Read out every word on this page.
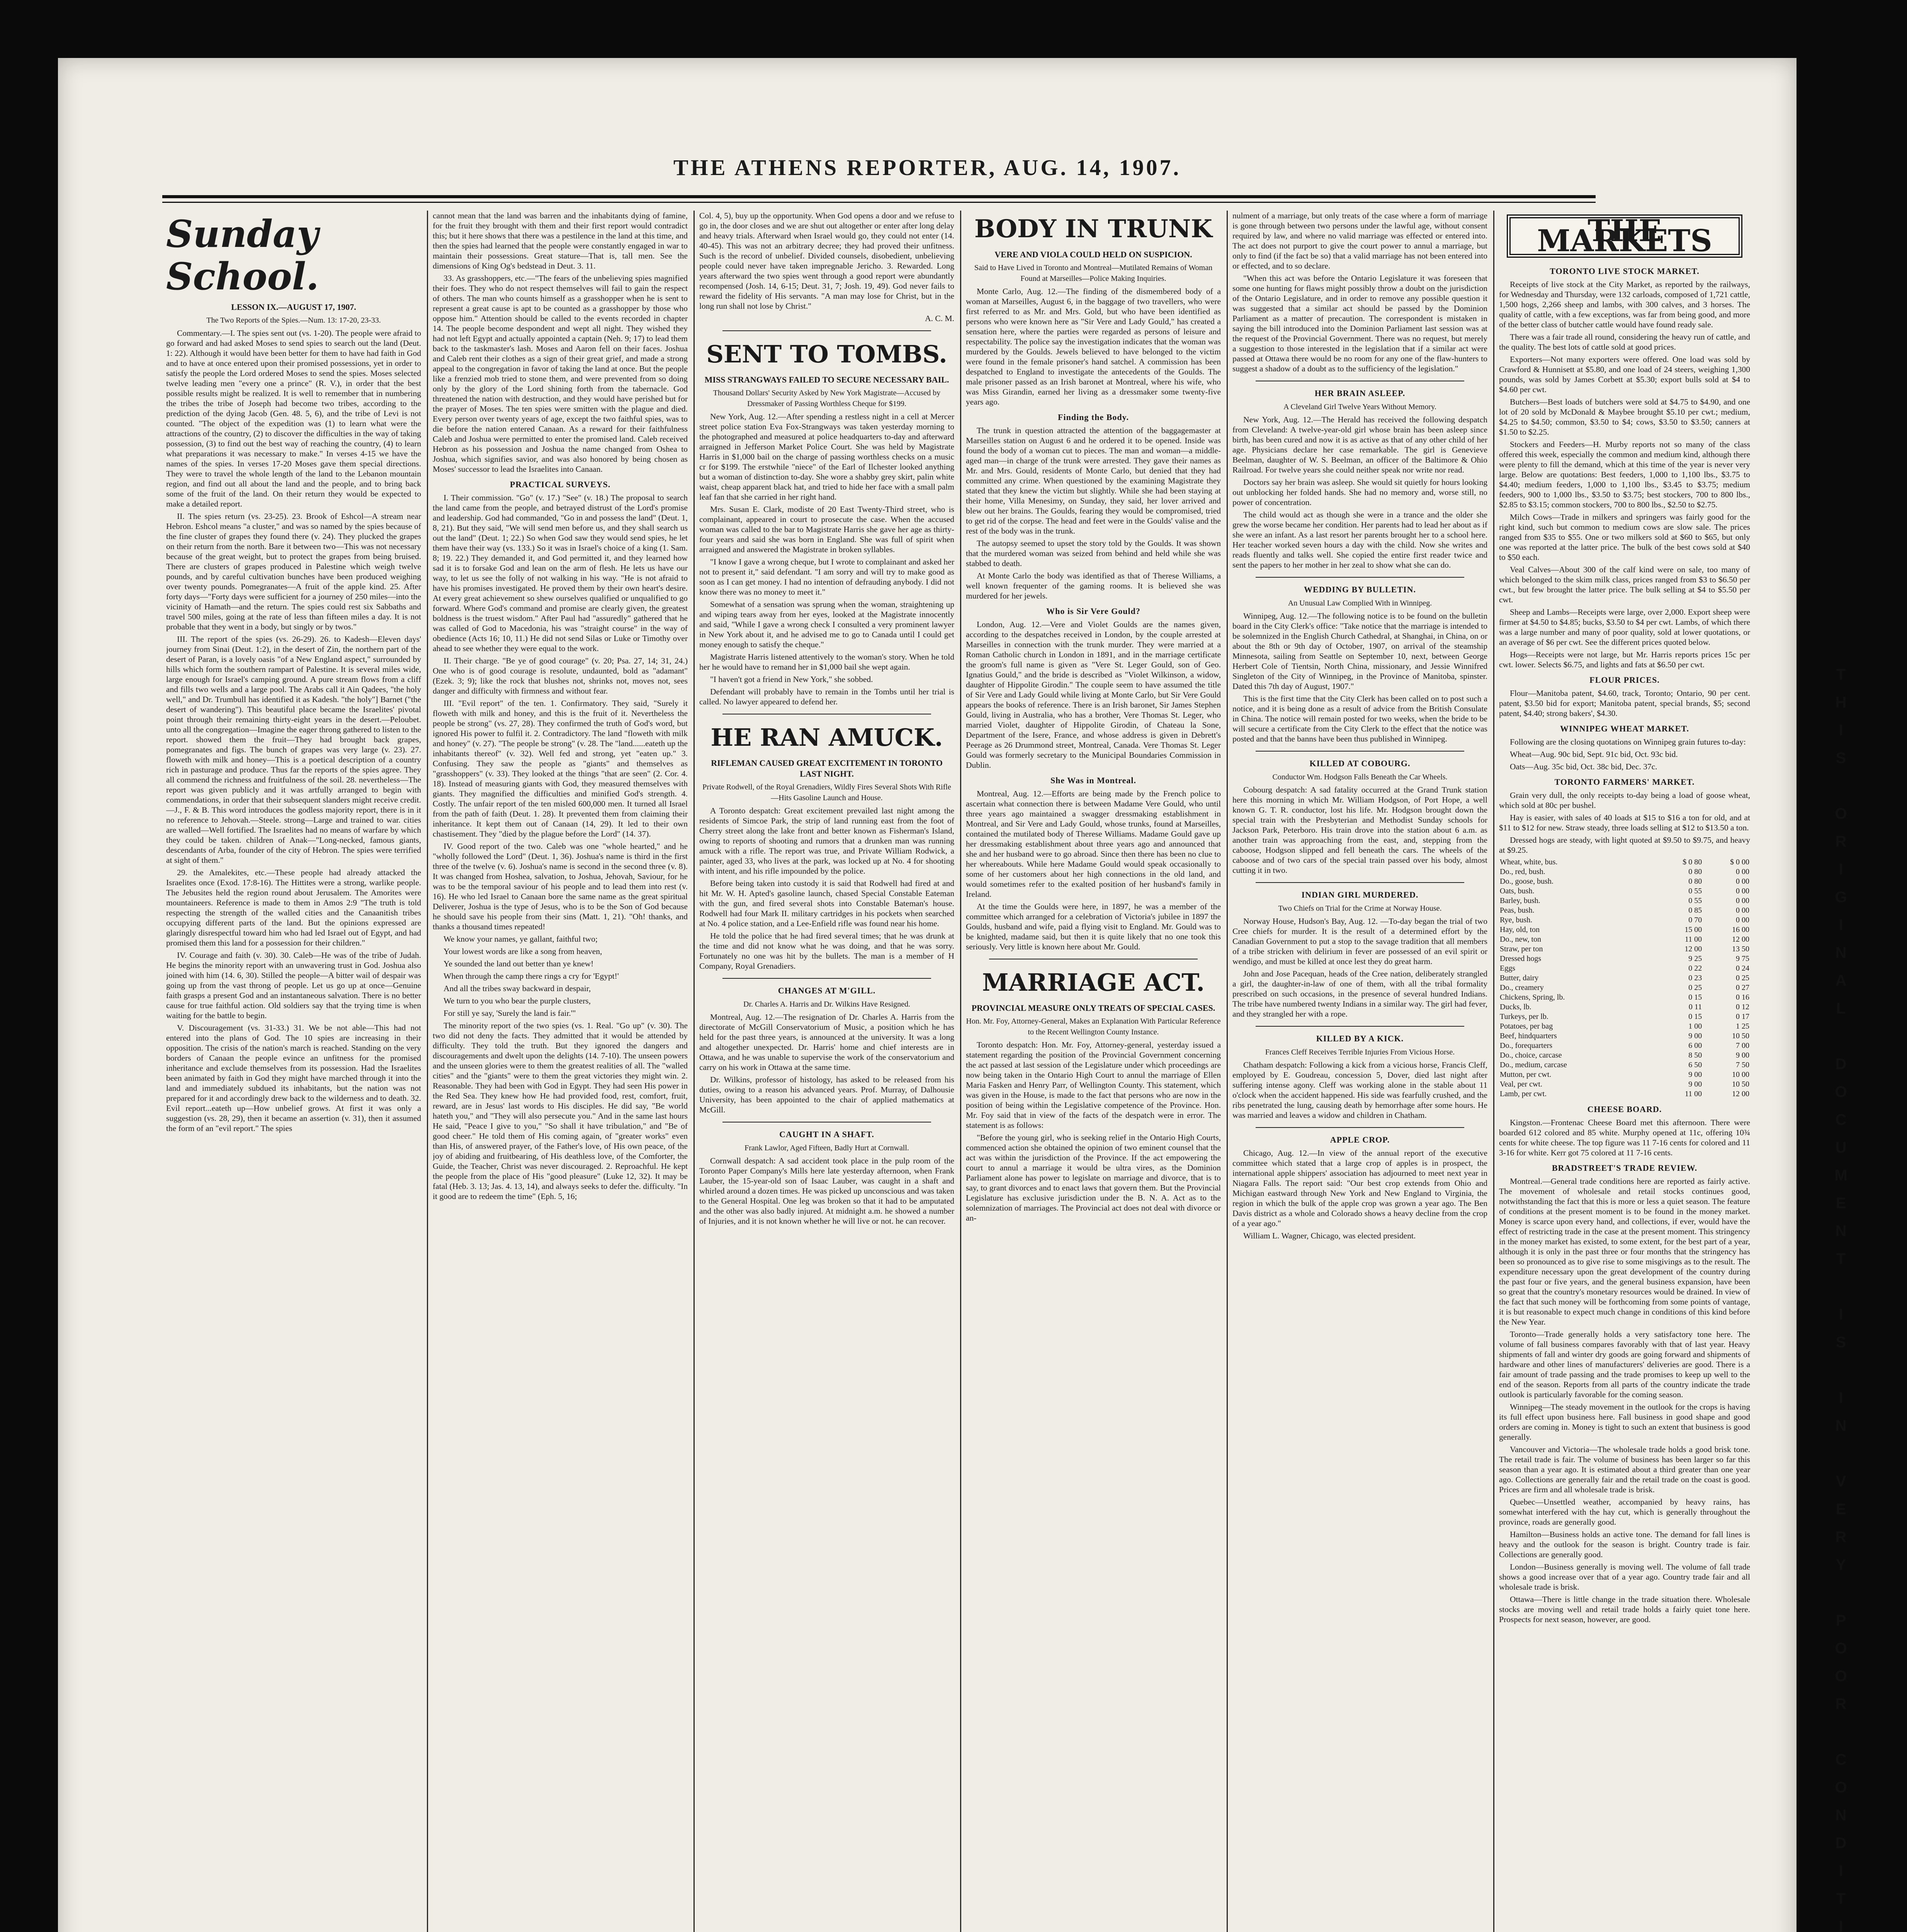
THE ATHENS REPORTER, AUG. 14, 1907.
Sunday School.
LESSON IX.—AUGUST 17, 1907.
The Two Reports of the Spies.—Num. 13: 17-20, 23-33.

Commentary.—I. The spies sent out (vs. 1-20). The people were afraid to go forward and had asked Moses to send spies to search out the land (Deut. 1: 22). Although it would have been better for them to have had faith in God and to have at once entered upon their promised possessions, yet in order to satisfy the people the Lord ordered Moses to send the spies. Moses selected twelve leading men "every one a prince" (R. V.), in order that the best possible results might be realized. It is well to remember that in numbering the tribes the tribe of Joseph had become two tribes, according to the prediction of the dying Jacob (Gen. 48. 5, 6), and the tribe of Levi is not counted. "The object of the expedition was (1) to learn what were the attractions of the country, (2) to discover the difficulties in the way of taking possession, (3) to find out the best way of reaching the country, (4) to learn what preparations it was necessary to make." In verses 4-15 we have the names of the spies. In verses 17-20 Moses gave them special directions. They were to travel the whole length of the land to the Lebanon mountain region, and find out all about the land and the people, and to bring back some of the fruit of the land. On their return they would be expected to make a detailed report.

II. The spies return (vs. 23-25). 23. Brook of Eshcol—A stream near Hebron. Eshcol means "a cluster," and was so named by the spies because of the fine cluster of grapes they found there (v. 24). They plucked the grapes on their return from the north. Bare it between two—This was not necessary because of the great weight, but to protect the grapes from being bruised. There are clusters of grapes produced in Palestine which weigh twelve pounds, and by careful cultivation bunches have been produced weighing over twenty pounds. Pomegranates—A fruit of the apple kind. 25. After forty days—"Forty days were sufficient for a journey of 250 miles—into the vicinity of Hamath—and the return. The spies could rest six Sabbaths and travel 500 miles, going at the rate of less than fifteen miles a day. It is not probable that they went in a body, but singly or by twos."

III. The report of the spies (vs. 26-29). 26. to Kadesh—Eleven days' journey from Sinai (Deut. 1:2), in the desert of Zin, the northern part of the desert of Paran, is a lovely oasis "of a New England aspect," surrounded by hills which form the southern rampart of Palestine. It is several miles wide, large enough for Israel's camping ground. A pure stream flows from a cliff and fills two wells and a large pool. The Arabs call it Ain Qadees, "the holy well," and Dr. Trumbull has identified it as Kadesh. "the holy"] Barnet ("the desert of wandering"). This beautiful place became the Israelites' pivotal point through their remaining thirty-eight years in the desert.—Peloubet. unto all the congregation—Imagine the eager throng gathered to listen to the report. showed them the fruit—They had brought back grapes, pomegranates and figs. The bunch of grapes was very large (v. 23). 27. floweth with milk and honey—This is a poetical description of a country rich in pasturage and produce. Thus far the reports of the spies agree. They all commend the richness and fruitfulness of the soil. 28. nevertheless—The report was given publicly and it was artfully arranged to begin with commendations, in order that their subsequent slanders might receive credit.—J., F. & B. This word introduces the godless majority report, there is in it no reference to Jehovah.—Steele. strong—Large and trained to war. cities are walled—Well fortified. The Israelites had no means of warfare by which they could be taken. children of Anak—"Long-necked, famous giants, descendants of Arba, founder of the city of Hebron. The spies were terrified at sight of them."

29. the Amalekites, etc.—These people had already attacked the Israelites once (Exod. 17:8-16). The Hittites were a strong, warlike people. The Jebusites held the region round about Jerusalem. The Amorites were mountaineers. Reference is made to them in Amos 2:9 "The truth is told respecting the strength of the walled cities and the Canaanitish tribes occupying different parts of the land. But the opinions expressed are glaringly disrespectful toward him who had led Israel out of Egypt, and had promised them this land for a possession for their children."

IV. Courage and faith (v. 30). 30. Caleb—He was of the tribe of Judah. He begins the minority report with an unwavering trust in God. Joshua also joined with him (14. 6, 30). Stilled the people—A bitter wail of despair was going up from the vast throng of people. Let us go up at once—Genuine faith grasps a present God and an instantaneous salvation. There is no better cause for true faithful action. Old soldiers say that the trying time is when waiting for the battle to begin.

V. Discouragement (vs. 31-33.) 31. We be not able—This had not entered into the plans of God. The 10 spies are increasing in their opposition. The crisis of the nation's march is reached. Standing on the very borders of Canaan the people evince an unfitness for the promised inheritance and exclude themselves from its possession. Had the Israelites been animated by faith in God they might have marched through it into the land and immediately subdued its inhabitants, but the nation was not prepared for it and accordingly drew back to the wilderness and to death. 32. Evil report...eateth up—How unbelief grows. At first it was only a suggestion (vs. 28, 29), then it became an assertion (v. 31), then it assumed the form of an "evil report." The spies

cannot mean that the land was barren and the inhabitants dying of famine, for the fruit they brought with them and their first report would contradict this; but it here shows that there was a pestilence in the land at this time, and then the spies had learned that the people were constantly engaged in war to maintain their possessions. Great stature—That is, tall men. See the dimensions of King Og's bedstead in Deut. 3. 11.

33. As grasshoppers, etc.—"The fears of the unbelieving spies magnified their foes. They who do not respect themselves will fail to gain the respect of others. The man who counts himself as a grasshopper when he is sent to represent a great cause is apt to be counted as a grasshopper by those who oppose him." Attention should be called to the events recorded in chapter 14. The people become despondent and wept all night. They wished they had not left Egypt and actually appointed a captain (Neh. 9; 17) to lead them back to the taskmaster's lash. Moses and Aaron fell on their faces. Joshua and Caleb rent their clothes as a sign of their great grief, and made a strong appeal to the congregation in favor of taking the land at once. But the people like a frenzied mob tried to stone them, and were prevented from so doing only by the glory of the Lord shining forth from the tabernacle. God threatened the nation with destruction, and they would have perished but for the prayer of Moses. The ten spies were smitten with the plague and died. Every person over twenty years of age, except the two faithful spies, was to die before the nation entered Canaan. As a reward for their faithfulness Caleb and Joshua were permitted to enter the promised land. Caleb received Hebron as his possession and Joshua the name changed from Oshea to Joshua, which signifies savior, and was also honored by being chosen as Moses' successor to lead the Israelites into Canaan.

PRACTICAL SURVEYS.

I. Their commission. "Go" (v. 17.) "See" (v. 18.) The proposal to search the land came from the people, and betrayed distrust of the Lord's promise and leadership. God had commanded, "Go in and possess the land" (Deut. 1, 8, 21). But they said, "We will send men before us, and they shall search us out the land" (Deut. 1; 22.) So when God saw they would send spies, he let them have their way (vs. 133.) So it was in Israel's choice of a king (1. Sam. 8; 19. 22.) They demanded it, and God permitted it, and they learned how sad it is to forsake God and lean on the arm of flesh. He lets us have our way, to let us see the folly of not walking in his way. "He is not afraid to have his promises investigated. He proved them by their own heart's desire. At every great achievement so shew ourselves qualified or unqualified to go forward. Where God's command and promise are clearly given, the greatest boldness is the truest wisdom." After Paul had "assuredly" gathered that he was called of God to Macedonia, his was "straight course" in the way of obedience (Acts 16; 10, 11.) He did not send Silas or Luke or Timothy over ahead to see whether they were equal to the work.

II. Their charge. "Be ye of good courage" (v. 20; Psa. 27, 14; 31, 24.) One who is of good courage is resolute, undaunted, bold as "adamant" (Ezek. 3; 9); like the rock that blushes not, shrinks not, moves not, sees danger and difficulty with firmness and without fear.

III. "Evil report" of the ten. 1. Confirmatory. They said, "Surely it floweth with milk and honey, and this is the fruit of it. Nevertheless the people be strong" (vs. 27, 28). They confirmed the truth of God's word, but ignored His power to fulfil it. 2. Contradictory. The land "floweth with milk and honey" (v. 27). "The people be strong" (v. 28. The "land......eateth up the inhabitants thereof" (v. 32). Well fed and strong, yet "eaten up." 3. Confusing. They saw the people as "giants" and themselves as "grasshoppers" (v. 33). They looked at the things "that are seen" (2. Cor. 4. 18). Instead of measuring giants with God, they measured themselves with giants. They magnified the difficulties and minified God's strength. 4. Costly. The unfair report of the ten misled 600,000 men. It turned all Israel from the path of faith (Deut. 1. 28). It prevented them from claiming their inheritance. It kept them out of Canaan (14, 29). It led to their own chastisement. They "died by the plague before the Lord" (14. 37).

IV. Good report of the two. Caleb was one "whole hearted," and he "wholly followed the Lord" (Deut. 1, 36). Joshua's name is third in the first three of the twelve (v. 6). Joshua's name is second in the second three (v. 8). It was changed from Hoshea, salvation, to Joshua, Jehovah, Saviour, for he was to be the temporal saviour of his people and to lead them into rest (v. 16). He who led Israel to Canaan bore the same name as the great spiritual Deliverer, Joshua is the type of Jesus, who is to be the Son of God because he should save his people from their sins (Matt. 1, 21). "Oh! thanks, and thanks a thousand times repeated!

We know your names, ye gallant, faithful two;

Your lowest words are like a song from heaven,

Ye sounded the land out better than ye knew!

When through the camp there rings a cry for 'Egypt!'

And all the tribes sway backward in despair,

We turn to you who bear the purple clusters,

For still ye say, 'Surely the land is fair.'"

The minority report of the two spies (vs. 1. Real. "Go up" (v. 30). The two did not deny the facts. They admitted that it would be attended by difficulty. They told the truth. But they ignored the dangers and discouragements and dwelt upon the delights (14. 7-10). The unseen powers and the unseen glories were to them the greatest realities of all. The "walled cities" and the "giants" were to them the great victories they might win. 2. Reasonable. They had been with God in Egypt. They had seen His power in the Red Sea. They knew how He had provided food, rest, comfort, fruit, reward, are in Jesus' last words to His disciples. He did say, "Be world hateth you," and "They will also persecute you." And in the same last hours He said, "Peace I give to you," "So shall it have tribulation," and "Be of good cheer." He told them of His coming again, of "greater works" even than His, of answered prayer, of the Father's love, of His own peace, of the joy of abiding and fruitbearing, of His deathless love, of the Comforter, the Guide, the Teacher, Christ was never discouraged. 2. Reproachful. He kept the people from the place of His "good pleasure" (Luke 12, 32). It may be fatal (Heb. 3. 13; Jas. 4. 13, 14), and always seeks to defer the. difficulty. "In it good are to redeem the time" (Eph. 5, 16;

Col. 4, 5), buy up the opportunity. When God opens a door and we refuse to go in, the door closes and we are shut out altogether or enter after long delay and heavy trials. Afterward when Israel would go, they could not enter (14. 40-45). This was not an arbitrary decree; they had proved their unfitness. Such is the record of unbelief. Divided counsels, disobedient, unbelieving people could never have taken impregnable Jericho. 3. Rewarded. Long years afterward the two spies went through a good report were abundantly recompensed (Josh. 14, 6-15; Deut. 31, 7; Josh. 19, 49). God never fails to reward the fidelity of His servants. "A man may lose for Christ, but in the long run shall not lose by Christ."

A. C. M.

SENT TO TOMBS.
MISS STRANGWAYS FAILED TO SECURE NECESSARY BAIL.
Thousand Dollars' Security Asked by New York Magistrate—Accused by Dressmaker of Passing Worthless Cheque for $199.

New York, Aug. 12.—After spending a restless night in a cell at Mercer street police station Eva Fox-Strangways was taken yesterday morning to the photographed and measured at police headquarters to-day and afterward arraigned in Jefferson Market Police Court. She was held by Magistrate Harris in $1,000 bail on the charge of passing worthless checks on a music cr for $199. The erstwhile "niece" of the Earl of Ilchester looked anything but a woman of distinction to-day. She wore a shabby grey skirt, palin white waist, cheap apparent black hat, and tried to hide her face with a small palm leaf fan that she carried in her right hand.

Mrs. Susan E. Clark, modiste of 20 East Twenty-Third street, who is complainant, appeared in court to prosecute the case. When the accused woman was called to the bar to Magistrate Harris she gave her age as thirty-four years and said she was born in England. She was full of spirit when arraigned and answered the Magistrate in broken syllables.

"I know I gave a wrong cheque, but I wrote to complainant and asked her not to present it," said defendant. "I am sorry and will try to make good as soon as I can get money. I had no intention of defrauding anybody. I did not know there was no money to meet it."

Somewhat of a sensation was sprung when the woman, straightening up and wiping tears away from her eyes, looked at the Magistrate innocently and said, "While I gave a wrong check I consulted a very prominent lawyer in New York about it, and he advised me to go to Canada until I could get money enough to satisfy the cheque."

Magistrate Harris listened attentively to the woman's story. When he told her he would have to remand her in $1,000 bail she wept again.

"I haven't got a friend in New York," she sobbed.

Defendant will probably have to remain in the Tombs until her trial is called. No lawyer appeared to defend her.

HE RAN AMUCK.
RIFLEMAN CAUSED GREAT EXCITEMENT IN TORONTO LAST NIGHT.
Private Rodwell, of the Royal Grenadiers, Wildly Fires Several Shots With Rifle—Hits Gasoline Launch and House.

A Toronto despatch: Great excitement prevailed last night among the residents of Simcoe Park, the strip of land running east from the foot of Cherry street along the lake front and better known as Fisherman's Island, owing to reports of shooting and rumors that a drunken man was running amuck with a rifle. The report was true, and Private William Rodwick, a painter, aged 33, who lives at the park, was locked up at No. 4 for shooting with intent, and his rifle impounded by the police.

Before being taken into custody it is said that Rodwell had fired at and hit Mr. W. H. Apted's gasoline launch, chased Special Constable Eateman with the gun, and fired several shots into Constable Bateman's house. Rodwell had four Mark II. military cartridges in his pockets when searched at No. 4 police station, and a Lee-Enfield rifle was found near his home.

He told the police that he had fired several times; that he was drunk at the time and did not know what he was doing, and that he was sorry. Fortunately no one was hit by the bullets. The man is a member of H Company, Royal Grenadiers.

CHANGES AT M'GILL.
Dr. Charles A. Harris and Dr. Wilkins Have Resigned.

Montreal, Aug. 12.—The resignation of Dr. Charles A. Harris from the directorate of McGill Conservatorium of Music, a position which he has held for the past three years, is announced at the university. It was a long and altogether unexpected. Dr. Harris' home and chief interests are in Ottawa, and he was unable to supervise the work of the conservatorium and carry on his work in Ottawa at the same time.

Dr. Wilkins, professor of histology, has asked to be released from his duties, owing to a reason his advanced years. Prof. Murray, of Dalhousie University, has been appointed to the chair of applied mathematics at McGill.

CAUGHT IN A SHAFT.
Frank Lawlor, Aged Fifteen, Badly Hurt at Cornwall.

Cornwall despatch: A sad accident took place in the pulp room of the Toronto Paper Company's Mills here late yesterday afternoon, when Frank Lauber, the 15-year-old son of Isaac Lauber, was caught in a shaft and whirled around a dozen times. He was picked up unconscious and was taken to the General Hospital. One leg was broken so that it had to be amputated and the other was also badly injured. At midnight a.m. he showed a number of Injuries, and it is not known whether he will live or not. he can recover.

BODY IN TRUNK
VERE AND VIOLA COULD HELD ON SUSPICION.
Said to Have Lived in Toronto and Montreal—Mutilated Remains of Woman Found at Marseilles—Police Making Inquiries.

Monte Carlo, Aug. 12.—The finding of the dismembered body of a woman at Marseilles, August 6, in the baggage of two travellers, who were first referred to as Mr. and Mrs. Gold, but who have been identified as persons who were known here as "Sir Vere and Lady Gould," has created a sensation here, where the parties were regarded as persons of leisure and respectability. The police say the investigation indicates that the woman was murdered by the Goulds. Jewels believed to have belonged to the victim were found in the female prisoner's hand satchel. A commission has been despatched to England to investigate the antecedents of the Goulds. The male prisoner passed as an Irish baronet at Montreal, where his wife, who was Miss Girandin, earned her living as a dressmaker some twenty-five years ago.

Finding the Body.

The trunk in question attracted the attention of the baggagemaster at Marseilles station on August 6 and he ordered it to be opened. Inside was found the body of a woman cut to pieces. The man and woman—a middle-aged man—in charge of the trunk were arrested. They gave their names as Mr. and Mrs. Gould, residents of Monte Carlo, but denied that they had committed any crime. When questioned by the examining Magistrate they stated that they knew the victim but slightly. While she had been staying at their home, Villa Menesimy, on Sunday, they said, her lover arrived and blew out her brains. The Goulds, fearing they would be compromised, tried to get rid of the corpse. The head and feet were in the Goulds' valise and the rest of the body was in the trunk.

The autopsy seemed to upset the story told by the Goulds. It was shown that the murdered woman was seized from behind and held while she was stabbed to death.

At Monte Carlo the body was identified as that of Therese Williams, a well known frequenter of the gaming rooms. It is believed she was murdered for her jewels.

Who is Sir Vere Gould?

London, Aug. 12.—Vere and Violet Goulds are the names given, according to the despatches received in London, by the couple arrested at Marseilles in connection with the trunk murder. They were married at a Roman Catholic church in London in 1891, and in the marriage certificate the groom's full name is given as "Vere St. Leger Gould, son of Geo. Ignatius Gould," and the bride is described as "Violet Wilkinson, a widow, daughter of Hippolite Girodin." The couple seem to have assumed the title of Sir Vere and Lady Gould while living at Monte Carlo, but Sir Vere Gould appears the books of reference. There is an Irish baronet, Sir James Stephen Gould, living in Australia, who has a brother, Vere Thomas St. Leger, who married Violet, daughter of Hippolite Girodin, of Chateau la Sone, Department of the Isere, France, and whose address is given in Debrett's Peerage as 26 Drummond street, Montreal, Canada. Vere Thomas St. Leger Gould was formerly secretary to the Municipal Boundaries Commission in Dublin.

She Was in Montreal.

Montreal, Aug. 12.—Efforts are being made by the French police to ascertain what connection there is between Madame Vere Gould, who until three years ago maintained a swagger dressmaking establishment in Montreal, and Sir Vere and Lady Gould, whose trunks, found at Marseilles, contained the mutilated body of Therese Williams. Madame Gould gave up her dressmaking establishment about three years ago and announced that she and her husband were to go abroad. Since then there has been no clue to her whereabouts. While here Madame Gould would speak occasionally to some of her customers about her high connections in the old land, and would sometimes refer to the exalted position of her husband's family in Ireland.

At the time the Goulds were here, in 1897, he was a member of the committee which arranged for a celebration of Victoria's jubilee in 1897 the Goulds, husband and wife, paid a flying visit to England. Mr. Gould was to be knighted, madame said, but then it is quite likely that no one took this seriously. Very little is known here about Mr. Gould.

MARRIAGE ACT.
PROVINCIAL MEASURE ONLY TREATS OF SPECIAL CASES.
Hon. Mr. Foy, Attorney-General, Makes an Explanation With Particular Reference to the Recent Wellington County Instance.

Toronto despatch: Hon. Mr. Foy, Attorney-general, yesterday issued a statement regarding the position of the Provincial Government concerning the act passed at last session of the Legislature under which proceedings are now being taken in the Ontario High Court to annul the marriage of Ellen Maria Fasken and Henry Parr, of Wellington County. This statement, which was given in the House, is made to the fact that persons who are now in the position of being within the Legislative competence of the Province. Hon. Mr. Foy said that in view of the facts of the despatch were in error. The statement is as follows:

"Before the young girl, who is seeking relief in the Ontario High Courts, commenced action she obtained the opinion of two eminent counsel that the act was within the jurisdiction of the Province. If the act empowering the court to annul a marriage it would be ultra vires, as the Dominion Parliament alone has power to legislate on marriage and divorce, that is to say, to grant divorces and to enact laws that govern them. But the Provincial Legislature has exclusive jurisdiction under the B. N. A. Act as to the solemnization of marriages. The Provincial act does not deal with divorce or an-

nulment of a marriage, but only treats of the case where a form of marriage is gone through between two persons under the lawful age, without consent required by law, and where no valid marriage was effected or entered into. The act does not purport to give the court power to annul a marriage, but only to find (if the fact be so) that a valid marriage has not been entered into or effected, and to so declare.

"When this act was before the Ontario Legislature it was foreseen that some one hunting for flaws might possibly throw a doubt on the jurisdiction of the Ontario Legislature, and in order to remove any possible question it was suggested that a similar act should be passed by the Dominion Parliament as a matter of precaution. The correspondent is mistaken in saying the bill introduced into the Dominion Parliament last session was at the request of the Provincial Government. There was no request, but merely a suggestion to those interested in the legislation that if a similar act were passed at Ottawa there would be no room for any one of the flaw-hunters to suggest a shadow of a doubt as to the sufficiency of the legislation."

HER BRAIN ASLEEP.
A Cleveland Girl Twelve Years Without Memory.

New York, Aug. 12.—The Herald has received the following despatch from Cleveland: A twelve-year-old girl whose brain has been asleep since birth, has been cured and now it is as active as that of any other child of her age. Physicians declare her case remarkable. The girl is Genevieve Beelman, daughter of W. S. Beelman, an officer of the Baltimore & Ohio Railroad. For twelve years she could neither speak nor write nor read.

Doctors say her brain was asleep. She would sit quietly for hours looking out unblocking her folded hands. She had no memory and, worse still, no power of concentration.

The child would act as though she were in a trance and the older she grew the worse became her condition. Her parents had to lead her about as if she were an infant. As a last resort her parents brought her to a school here. Her teacher worked seven hours a day with the child. Now she writes and reads fluently and talks well. She copied the entire first reader twice and sent the papers to her mother in her zeal to show what she can do.

WEDDING BY BULLETIN.
An Unusual Law Complied With in Winnipeg.

Winnipeg, Aug. 12.—The following notice is to be found on the bulletin board in the City Clerk's office: "Take notice that the marriage is intended to be solemnized in the English Church Cathedral, at Shanghai, in China, on or about the 8th or 9th day of October, 1907, on arrival of the steamship Minnesota, sailing from Seattle on September 10, next, between George Herbert Cole of Tientsin, North China, missionary, and Jessie Winnifred Singleton of the City of Winnipeg, in the Province of Manitoba, spinster. Dated this 7th day of August, 1907."

This is the first time that the City Clerk has been called on to post such a notice, and it is being done as a result of advice from the British Consulate in China. The notice will remain posted for two weeks, when the bride to be will secure a certificate from the City Clerk to the effect that the notice was posted and that the banns have been thus published in Winnipeg.

KILLED AT COBOURG.
Conductor Wm. Hodgson Falls Beneath the Car Wheels.

Cobourg despatch: A sad fatality occurred at the Grand Trunk station here this morning in which Mr. William Hodgson, of Port Hope, a well known G. T. R. conductor, lost his life. Mr. Hodgson brought down the special train with the Presbyterian and Methodist Sunday schools for Jackson Park, Peterboro. His train drove into the station about 6 a.m. as another train was approaching from the east, and, stepping from the caboose, Hodgson slipped and fell beneath the cars. The wheels of the caboose and of two cars of the special train passed over his body, almost cutting it in two.

INDIAN GIRL MURDERED.
Two Chiefs on Trial for the Crime at Norway House.

Norway House, Hudson's Bay, Aug. 12. —To-day began the trial of two Cree chiefs for murder. It is the result of a determined effort by the Canadian Government to put a stop to the savage tradition that all members of a tribe stricken with delirium in fever are possessed of an evil spirit or wendigo, and must be killed at once lest they do great harm.

John and Jose Pacequan, heads of the Cree nation, deliberately strangled a girl, the daughter-in-law of one of them, with all the tribal formality prescribed on such occasions, in the presence of several hundred Indians. The tribe have numbered twenty Indians in a similar way. The girl had fever, and they strangled her with a rope.

KILLED BY A KICK.
Frances Cleff Receives Terrible Injuries From Vicious Horse.

Chatham despatch: Following a kick from a vicious horse, Francis Cleff, employed by E. Goudreau, concession 5, Dover, died last night after suffering intense agony. Cleff was working alone in the stable about 11 o'clock when the accident happened. His side was fearfully crushed, and the ribs penetrated the lung, causing death by hemorrhage after some hours. He was married and leaves a widow and children in Chatham.

APPLE CROP.

Chicago, Aug. 12.—In view of the annual report of the executive committee which stated that a large crop of apples is in prospect, the international apple shippers' association has adjourned to meet next year in Niagara Falls. The report said: "Our best crop extends from Ohio and Michigan eastward through New York and New England to Virginia, the region in which the bulk of the apple crop was grown a year ago. The Ben Davis district as a whole and Colorado shows a heavy decline from the crop of a year ago."

William L. Wagner, Chicago, was elected president.

THE MARKETS
TORONTO LIVE STOCK MARKET.

Receipts of live stock at the City Market, as reported by the railways, for Wednesday and Thursday, were 132 carloads, composed of 1,721 cattle, 1,500 hogs, 2,266 sheep and lambs, with 300 calves, and 3 horses. The quality of cattle, with a few exceptions, was far from being good, and more of the better class of butcher cattle would have found ready sale.

There was a fair trade all round, considering the heavy run of cattle, and the quality. The best lots of cattle sold at good prices.

Exporters—Not many exporters were offered. One load was sold by Crawford & Hunnisett at $5.80, and one load of 24 steers, weighing 1,300 pounds, was sold by James Corbett at $5.30; export bulls sold at $4 to $4.60 per cwt.

Butchers—Best loads of butchers were sold at $4.75 to $4.90, and one lot of 20 sold by McDonald & Maybee brought $5.10 per cwt.; medium, $4.25 to $4.50; common, $3.50 to $4; cows, $3.50 to $3.50; canners at $1.50 to $2.25.

Stockers and Feeders—H. Murby reports not so many of the class offered this week, especially the common and medium kind, although there were plenty to fill the demand, which at this time of the year is never very large. Below are quotations: Best feeders, 1,000 to 1,100 lbs., $3.75 to $4.40; medium feeders, 1,000 to 1,100 lbs., $3.45 to $3.75; medium feeders, 900 to 1,000 lbs., $3.50 to $3.75; best stockers, 700 to 800 lbs., $2.85 to $3.15; common stockers, 700 to 800 lbs., $2.50 to $2.75.

Milch Cows—Trade in milkers and springers was fairly good for the right kind, such but common to medium cows are slow sale. The prices ranged from $35 to $55. One or two milkers sold at $60 to $65, but only one was reported at the latter price. The bulk of the best cows sold at $40 to $50 each.

Veal Calves—About 300 of the calf kind were on sale, too many of which belonged to the skim milk class, prices ranged from $3 to $6.50 per cwt., but few brought the latter price. The bulk selling at $4 to $5.50 per cwt.

Sheep and Lambs—Receipts were large, over 2,000. Export sheep were firmer at $4.50 to $4.85; bucks, $3.50 to $4 per cwt. Lambs, of which there was a large number and many of poor quality, sold at lower quotations, or an average of $6 per cwt. See the different prices quoted below.

Hogs—Receipts were not large, but Mr. Harris reports prices 15c per cwt. lower. Selects $6.75, and lights and fats at $6.50 per cwt.

FLOUR PRICES.

Flour—Manitoba patent, $4.60, track, Toronto; Ontario, 90 per cent. patent, $3.50 bid for export; Manitoba patent, special brands, $5; second patent, $4.40; strong bakers', $4.30.

WINNIPEG WHEAT MARKET.

Following are the closing quotations on Winnipeg grain futures to-day:

Wheat—Aug. 90c bid, Sept. 91c bid, Oct. 93c bid.

Oats—Aug. 35c bid, Oct. 38c bid, Dec. 37c.

TORONTO FARMERS' MARKET.

Grain very dull, the only receipts to-day being a load of goose wheat, which sold at 80c per bushel.

Hay is easier, with sales of 40 loads at $15 to $16 a ton for old, and at $11 to $12 for new. Straw steady, three loads selling at $12 to $13.50 a ton.

Dressed hogs are steady, with light quoted at $9.50 to $9.75, and heavy at $9.25.

Wheat, white, bus.	$ 0 80	$ 0 00
Do., red, bush.	0 80	0 00
Do., goose, bush.	0 80	0 00
Oats, bush.	0 55	0 00
Barley, bush.	0 55	0 00
Peas, bush.	0 85	0 00
Rye, bush.	0 70	0 00
Hay, old, ton	15 00	16 00
Do., new, ton	11 00	12 00
Straw, per ton	12 00	13 50
Dressed hogs	9 25	9 75
Eggs	0 22	0 24
Butter, dairy	0 23	0 25
Do., creamery	0 25	0 27
Chickens, Spring, lb.	0 15	0 16
Ducks, lb.	0 11	0 12
Turkeys, per lb.	0 15	0 17
Potatoes, per bag	1 00	1 25
Beef, hindquarters	9 00	10 50
Do., forequarters	6 00	7 00
Do., choice, carcase	8 50	9 00
Do., medium, carcase	6 50	7 50
Mutton, per cwt.	9 00	10 00
Veal, per cwt.	9 00	10 50
Lamb, per cwt.	11 00	12 00
CHEESE BOARD.

Kingston.—Frontenac Cheese Board met this afternoon. There were boarded 612 colored and 85 white. Murphy opened at 11c, offering 10¾ cents for white cheese. The top figure was 11 7-16 cents for colored and 11 3-16 for white. Kerr got 75 colored at 11 7-16 cents.

BRADSTREET'S TRADE REVIEW.

Montreal.—General trade conditions here are reported as fairly active. The movement of wholesale and retail stocks continues good, notwithstanding the fact that this is more or less a quiet season. The feature of conditions at the present moment is to be found in the money market. Money is scarce upon every hand, and collections, if ever, would have the effect of restricting trade in the case at the present moment. This stringency in the money market has existed, to some extent, for the best part of a year, although it is only in the past three or four months that the stringency has been so pronounced as to give rise to some misgivings as to the result. The expenditure necessary upon the great development of the country during the past four or five years, and the general business expansion, have been so great that the country's monetary resources would be drained. In view of the fact that such money will be forthcoming from some points of vantage, it is but reasonable to expect much change in conditions of this kind before the New Year.

Toronto—Trade generally holds a very satisfactory tone here. The volume of fall business compares favorably with that of last year. Heavy shipments of fall and winter dry goods are going forward and shipments of hardware and other lines of manufacturers' deliveries are good. There is a fair amount of trade passing and the trade promises to keep up well to the end of the season. Reports from all parts of the country indicate the trade outlook is particularly favorable for the coming season.

Winnipeg—The steady movement in the outlook for the crops is having its full effect upon business here. Fall business in good shape and good orders are coming in. Money is tight to such an extent that business is good generally.

Vancouver and Victoria—The wholesale trade holds a good brisk tone. The retail trade is fair. The volume of business has been larger so far this season than a year ago. It is estimated about a third greater than one year ago. Collections are generally fair and the retail trade on the coast is good. Prices are firm and all wholesale trade is brisk.

Quebec—Unsettled weather, accompanied by heavy rains, has somewhat interfered with the hay cut, which is generally throughout the province, roads are generally good.

Hamilton—Business holds an active tone. The demand for fall lines is heavy and the outlook for the season is bright. Country trade is fair. Collections are generally good.

London—Business generally is moving well. The volume of fall trade shows a good increase over that of a year ago. Country trade fair and all wholesale trade is brisk.

Ottawa—There is little change in the trade situation there. Wholesale stocks are moving well and retail trade holds a fairly quiet tone here. Prospects for next season, however, are good.

T
H
I
S

O
R
I
G
I
N
A
L

D
O
C
U
M
E
N
T

I
S

I
N

V
E
R
Y

P
O
O
R

C
O
N
D
I
T
I
